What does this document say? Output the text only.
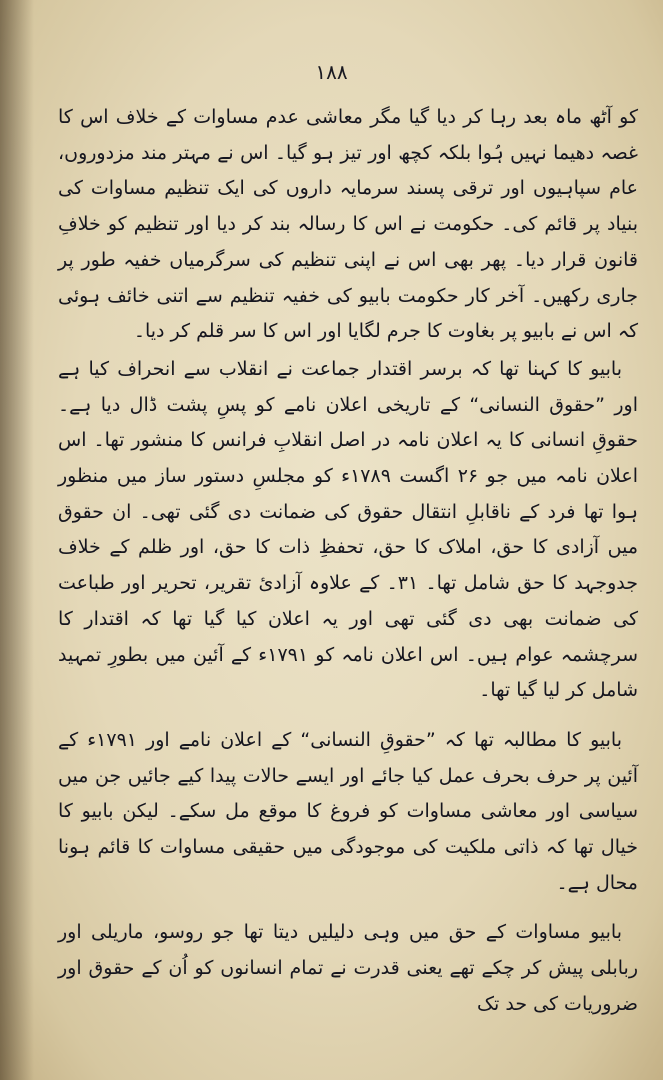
۱۸۸

کو آٹھ ماہ بعد رہا کر دیا گیا مگر معاشی عدم مساوات کے خلاف اس کا غصہ دھیما نہیں ہُوا بلکہ کچھ اور تیز ہو گیا۔ اس نے مہتر مند مزدوروں، عام سپاہیوں اور ترقی پسند سرمایہ داروں کی ایک تنظیم مساوات کی بنیاد پر قائم کی۔ حکومت نے اس کا رسالہ بند کر دیا اور تنظیم کو خلافِ قانون قرار دیا۔ پھر بھی اس نے اپنی تنظیم کی سرگرمیاں خفیہ طور پر جاری رکھیں۔ آخر کار حکومت بابیو کی خفیہ تنظیم سے اتنی خائف ہوئی کہ اس نے بابیو پر بغاوت کا جرم لگایا اور اس کا سر قلم کر دیا۔

بابیو کا کہنا تھا کہ برسر اقتدار جماعت نے انقلاب سے انحراف کیا ہے اور ”حقوق النسانی“ کے تاریخی اعلان نامے کو پسِ پشت ڈال دیا ہے۔ حقوقِ انسانی کا یہ اعلان نامہ در اصل انقلابِ فرانس کا منشور تھا۔ اس اعلان نامہ میں جو ۲۶ اگست ۱۷۸۹ء کو مجلسِ دستور ساز میں منظور ہوا تھا فرد کے ناقابلِ انتقال حقوق کی ضمانت دی گئی تھی۔ ان حقوق میں آزادی کا حق، املاک کا حق، تحفظِ ذات کا حق، اور ظلم کے خلاف جدوجہد کا حق شامل تھا۔ ۳۱۔ کے علاوہ آزادیٔ تقریر، تحریر اور طباعت کی ضمانت بھی دی گئی تھی اور یہ اعلان کیا گیا تھا کہ اقتدار کا سرچشمہ عوام ہیں۔ اس اعلان نامہ کو ۱۷۹۱ء کے آئین میں بطورِ تمہید شامل کر لیا گیا تھا۔

بابیو کا مطالبہ تھا کہ ”حقوقِ النسانی“ کے اعلان نامے اور ۱۷۹۱ء کے آئین پر حرف بحرف عمل کیا جائے اور ایسے حالات پیدا کیے جائیں جن میں سیاسی اور معاشی مساوات کو فروغ کا موقع مل سکے۔ لیکن بابیو کا خیال تھا کہ ذاتی ملکیت کی موجودگی میں حقیقی مساوات کا قائم ہونا محال ہے۔

بابیو مساوات کے حق میں وہی دلیلیں دیتا تھا جو روسو، ماریلی اور ربابلی پیش کر چکے تھے یعنی قدرت نے تمام انسانوں کو اُن کے حقوق اور ضروریات کی حد تک
